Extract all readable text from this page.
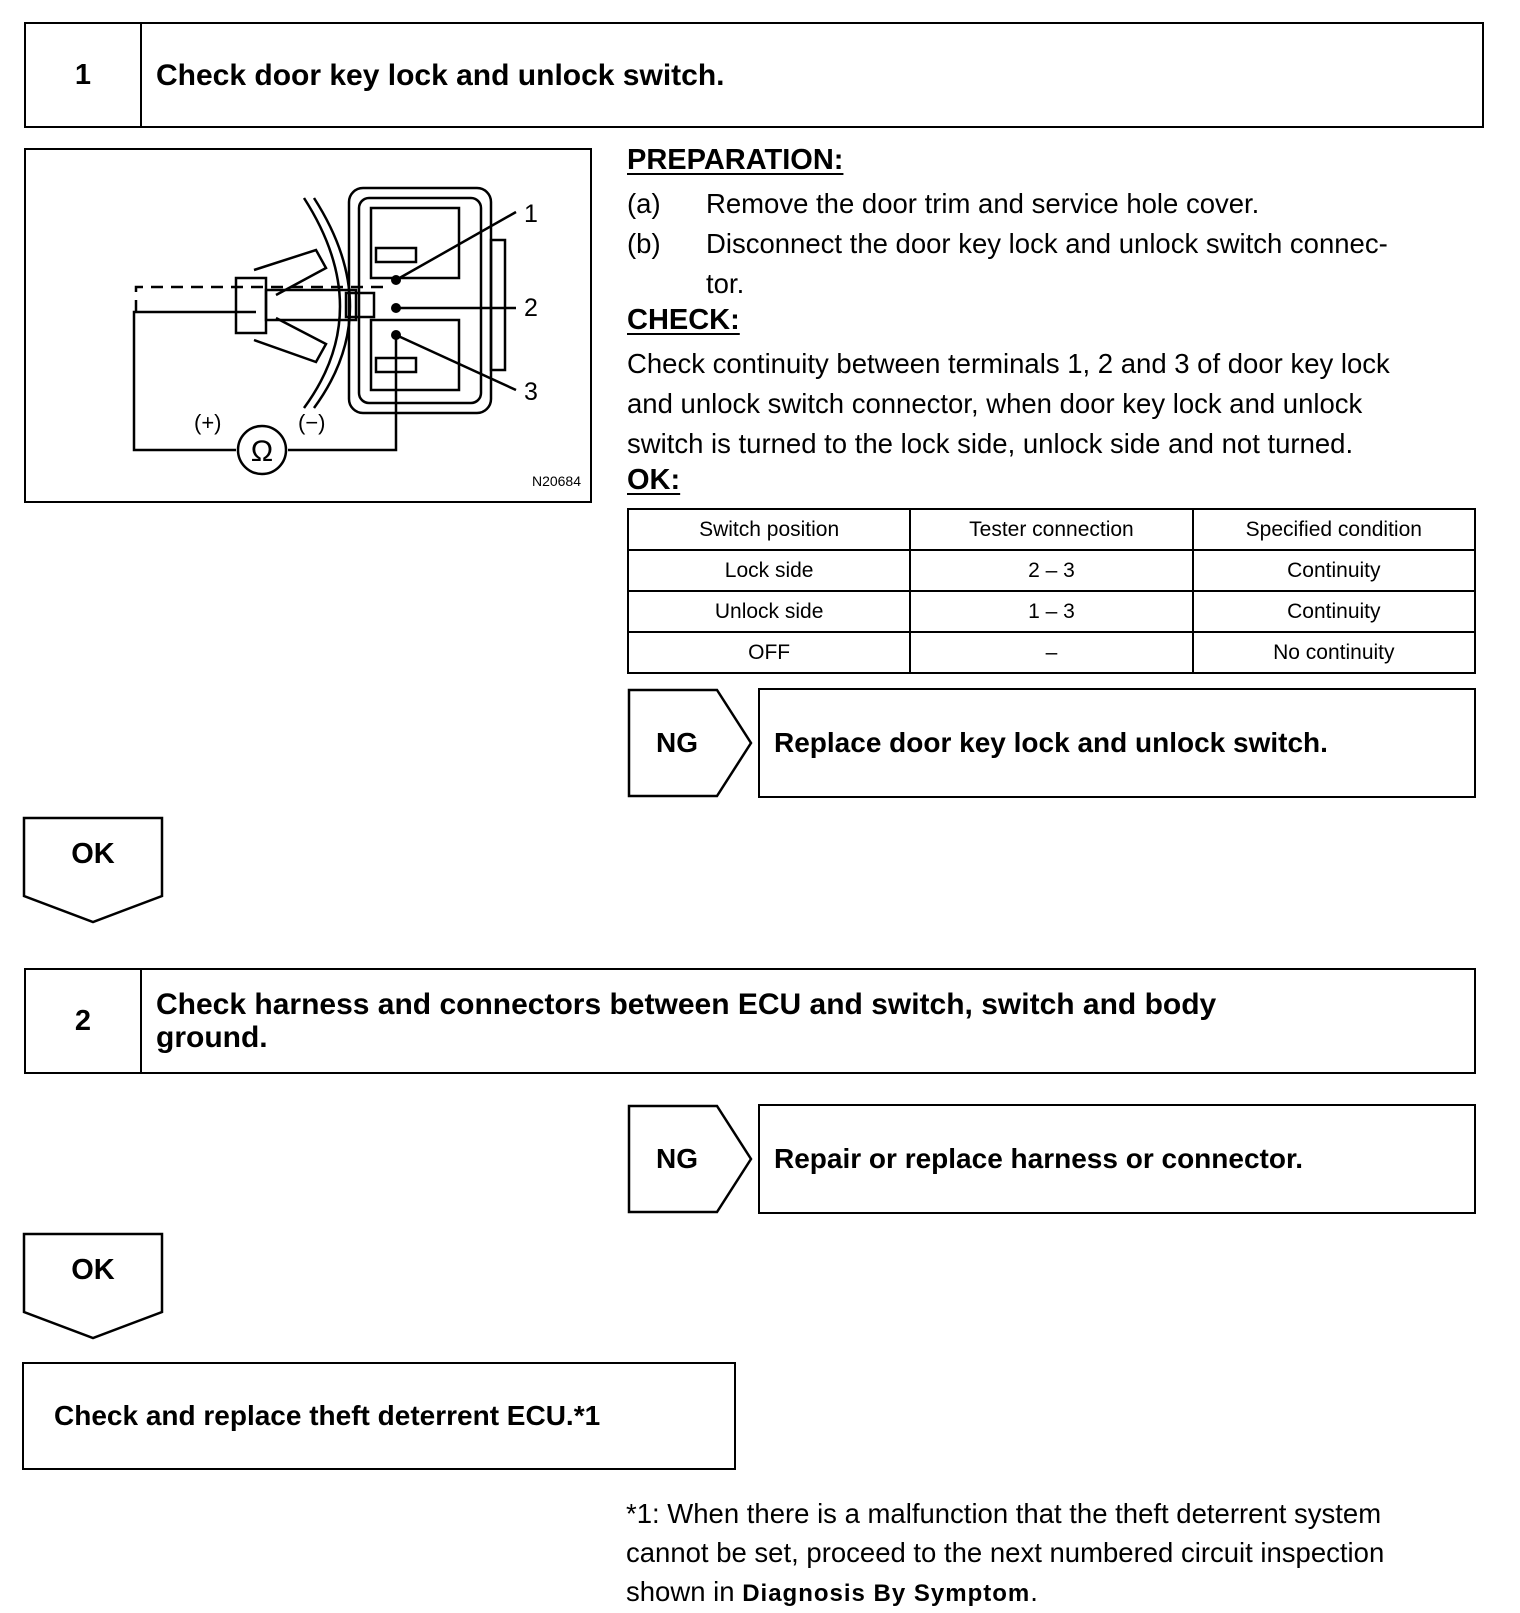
1	Check door key lock and unlock switch.
Ω
1
2
3
(+)	(−)
N20684
PREPARATION:
(a) Remove the door trim and service hole cover.
(b) Disconnect the door key lock and unlock switch connec-
tor.
CHECK:
Check continuity between terminals 1, 2 and 3 of door key lock
and unlock switch connector, when door key lock and unlock
switch is turned to the lock side, unlock side and not turned.
OK:
Switch position	Tester connection	Specified condition
Lock side	2 – 3	Continuity
Unlock side	1 – 3	Continuity
OFF	–	No continuity
NG	Replace door key lock and unlock switch.
OK
2	Check harness and connectors between ECU and switch, switch and body
ground.
NG	Repair or replace harness or connector.
OK
Check and replace theft deterrent ECU.*1
*1: When there is a malfunction that the theft deterrent system
cannot be set, proceed to the next numbered circuit inspection
shown in Diagnosis By Symptom.
